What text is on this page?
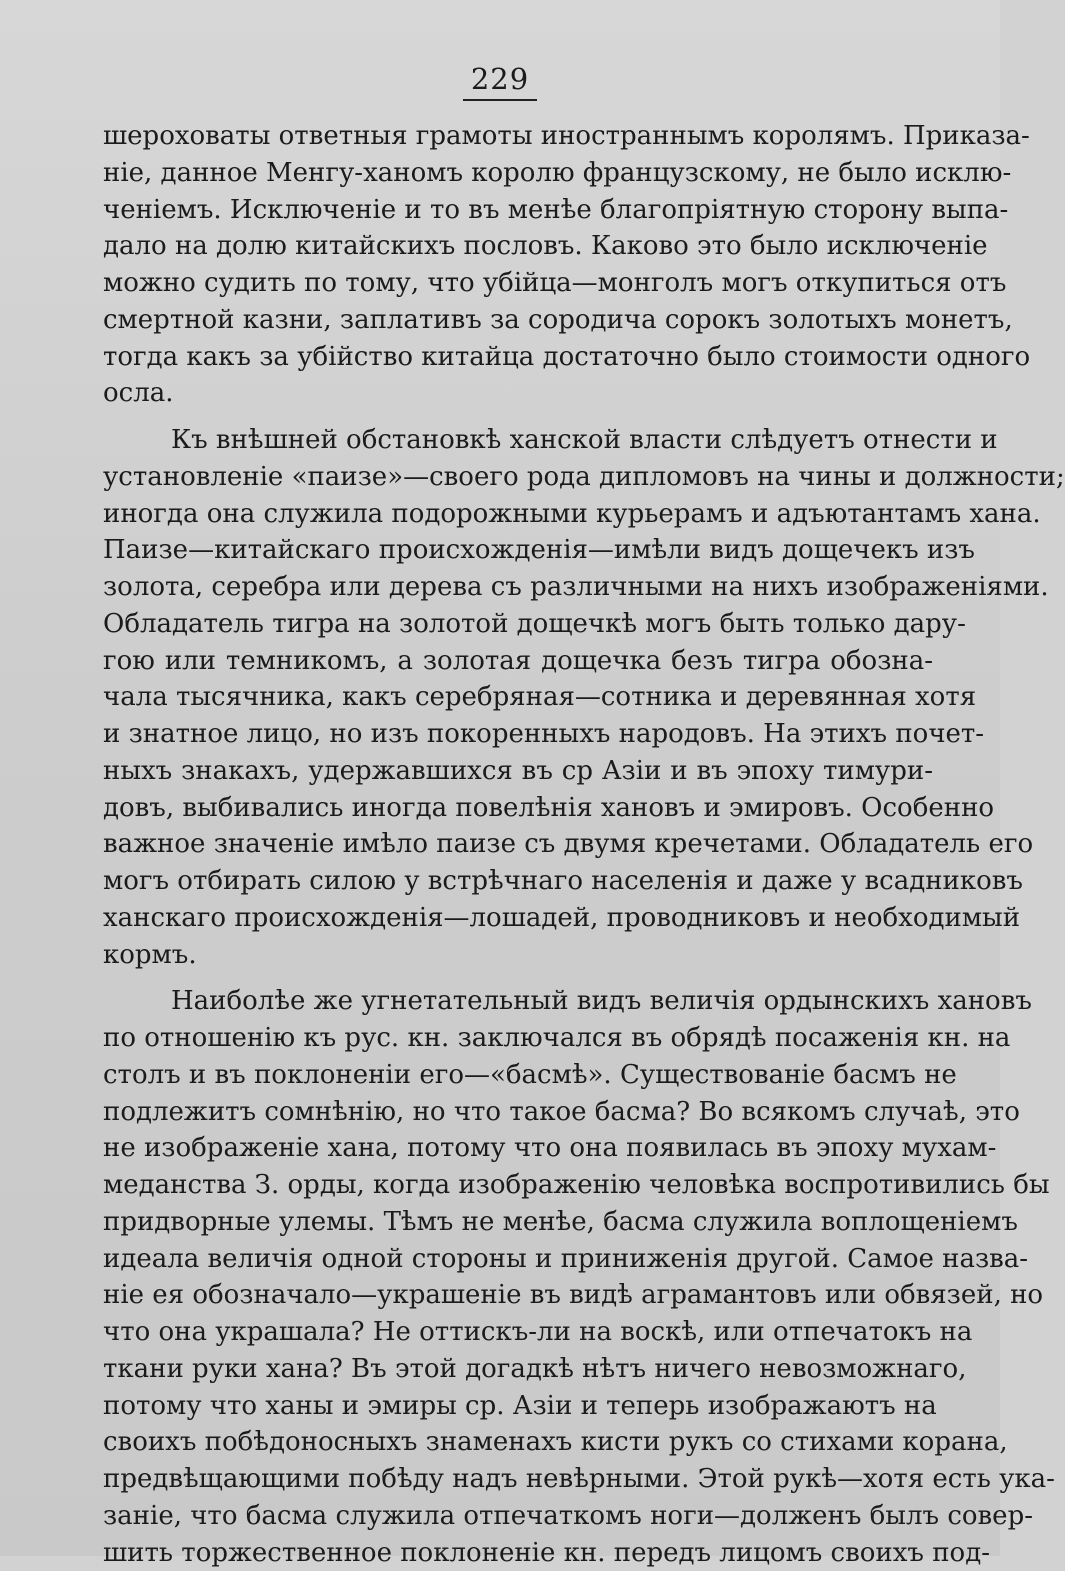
229
шероховаты ответныя грамоты иностраннымъ королямъ. Приказа-
ніе, данное Менгу-ханомъ королю французскому, не было исклю-
ченіемъ. Исключеніе и то въ менѣе благопріятную сторону выпа-
дало на долю китайскихъ пословъ. Каково это было исключеніе
можно судить по тому, что убійца—монголъ могъ откупиться отъ
смертной казни, заплативъ за сородича сорокъ золотыхъ монетъ,
тогда какъ за убійство китайца достаточно было стоимости одного
осла.
Къ внѣшней обстановкѣ ханской власти слѣдуетъ отнести и
установленіе «паизе»—своего рода дипломовъ на чины и должности;
иногда она служила подорожными курьерамъ и адъютантамъ хана.
Паизе—китайскаго происхожденія—имѣли видъ дощечекъ изъ
золота, серебра или дерева съ различными на нихъ изображеніями.
Обладатель тигра на золотой дощечкѣ могъ быть только дару-
гою или темникомъ, а золотая дощечка безъ тигра обозна-
чала тысячника, какъ серебряная—сотника и деревянная хотя
и знатное лицо, но изъ покоренныхъ народовъ. На этихъ почет-
ныхъ знакахъ, удержавшихся въ ср Азіи и въ эпоху тимури-
довъ, выбивались иногда повелѣнія хановъ и эмировъ. Особенно
важное значеніе имѣло паизе съ двумя кречетами. Обладатель его
могъ отбирать силою у встрѣчнаго населенія и даже у всадниковъ
ханскаго происхожденія—лошадей, проводниковъ и необходимый
кормъ.
Наиболѣе же угнетательный видъ величія ордынскихъ хановъ
по отношенію къ рус. кн. заключался въ обрядѣ посаженія кн. на
столъ и въ поклоненіи его—«басмѣ». Существованіе басмъ не
подлежитъ сомнѣнію, но что такое басма? Во всякомъ случаѣ, это
не изображеніе хана, потому что она появилась въ эпоху мухам-
меданства З. орды, когда изображенію человѣка воспротивились бы
придворные улемы. Тѣмъ не менѣе, басма служила воплощеніемъ
идеала величія одной стороны и приниженія другой. Самое назва-
ніе ея обозначало—украшеніе въ видѣ аграмантовъ или обвязей, но
что она украшала? Не оттискъ-ли на воскѣ, или отпечатокъ на
ткани руки хана? Въ этой догадкѣ нѣтъ ничего невозможнаго,
потому что ханы и эмиры ср. Азіи и теперь изображаютъ на
своихъ побѣдоносныхъ знаменахъ кисти рукъ со стихами корана,
предвѣщающими побѣду надъ невѣрными. Этой рукѣ—хотя есть ука-
заніе, что басма служила отпечаткомъ ноги—долженъ былъ совер-
шить торжественное поклоненіе кн. передъ лицомъ своихъ под-
